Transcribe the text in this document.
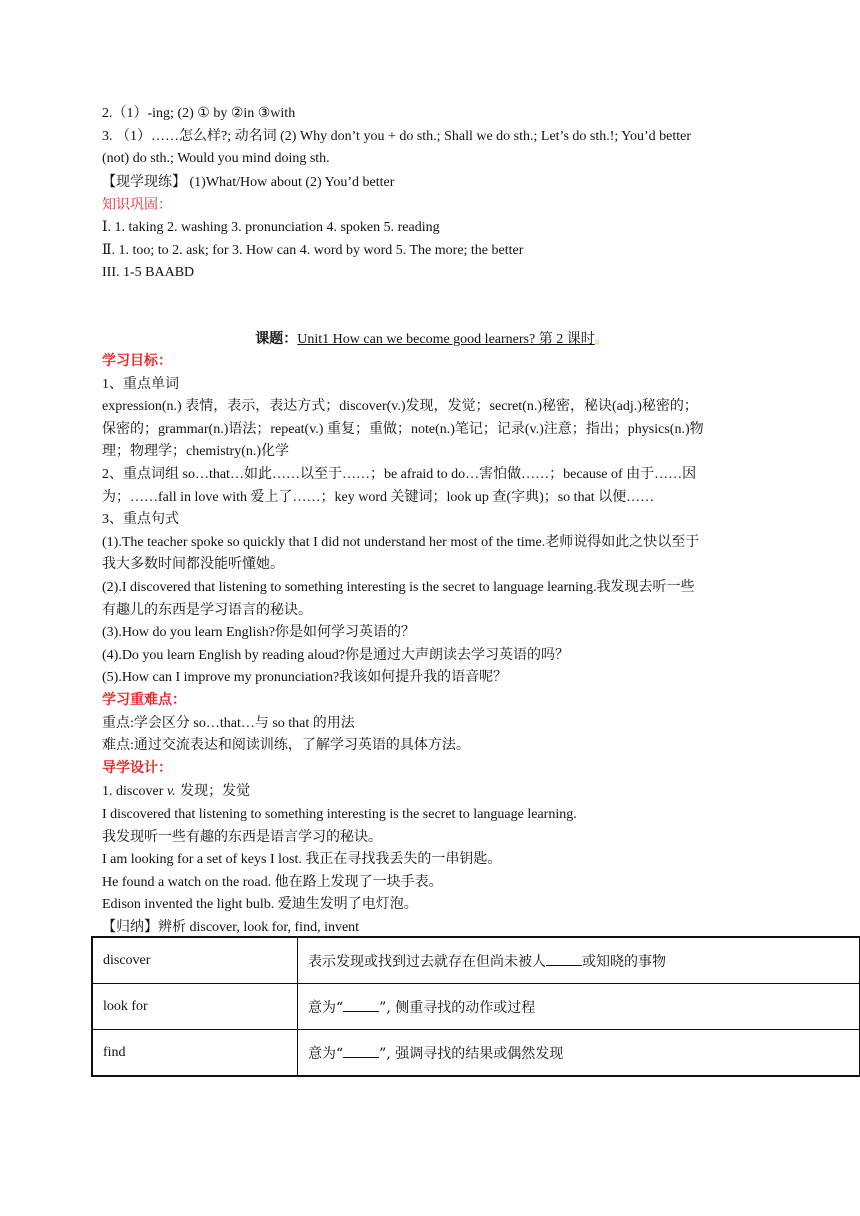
2.（1）-ing; (2) ① by ②in ③with
3. （1）……怎么样?; 动名词 (2) Why don’t you + do sth.; Shall we do sth.; Let’s do sth.!; You’d better
(not) do sth.; Would you mind doing sth.
【现学现练】 (1)What/How about (2) You’d better
知识巩固：
Ⅰ. 1. taking 2. washing 3. pronunciation 4. spoken 5. reading
Ⅱ. 1. too; to 2. ask; for 3. How can 4. word by word 5. The more; the better
III. 1-5 BAABD
课题：Unit1 How can we become good learners? 第 2 课时。
学习目标：
1、重点单词
expression(n.) 表情，表示，表达方式；discover(v.)发现，发觉；secret(n.)秘密，秘诀(adj.)秘密的；
保密的；grammar(n.)语法；repeat(v.) 重复；重做；note(n.)笔记；记录(v.)注意；指出；physics(n.)物
理；物理学；chemistry(n.)化学
2、重点词组 so…that…如此……以至于……；be afraid to do…害怕做……；because of 由于……因
为；……fall in love with 爱上了……；key word 关键词；look up 查(字典)；so that 以便……
3、重点句式
(1).The teacher spoke so quickly that I did not understand her most of the time.老师说得如此之快以至于
我大多数时间都没能听懂她。
(2).I discovered that listening to something interesting is the secret to language learning.我发现去听一些
有趣儿的东西是学习语言的秘诀。
(3).How do you learn English?你是如何学习英语的？
(4).Do you learn English by reading aloud?你是通过大声朗读去学习英语的吗？
(5).How can I improve my pronunciation?我该如何提升我的语音呢？
学习重难点：
重点:学会区分 so…that…与 so that 的用法
难点:通过交流表达和阅读训练，了解学习英语的具体方法。
导学设计：
1. discover v. 发现；发觉
I discovered that listening to something interesting is the secret to language learning.
我发现听一些有趣的东西是语言学习的秘诀。
I am looking for a set of keys I lost. 我正在寻找我丢失的一串钥匙。
He found a watch on the road. 他在路上发现了一块手表。
Edison invented the light bulb. 爱迪生发明了电灯泡。
【归纳】辨析 discover, look for, find, invent
discover	表示发现或找到过去就存在但尚未被人 或知晓的事物
look for	意为“ ”, 侧重寻找的动作或过程
find	意为“ ”, 强调寻找的结果或偶然发现
